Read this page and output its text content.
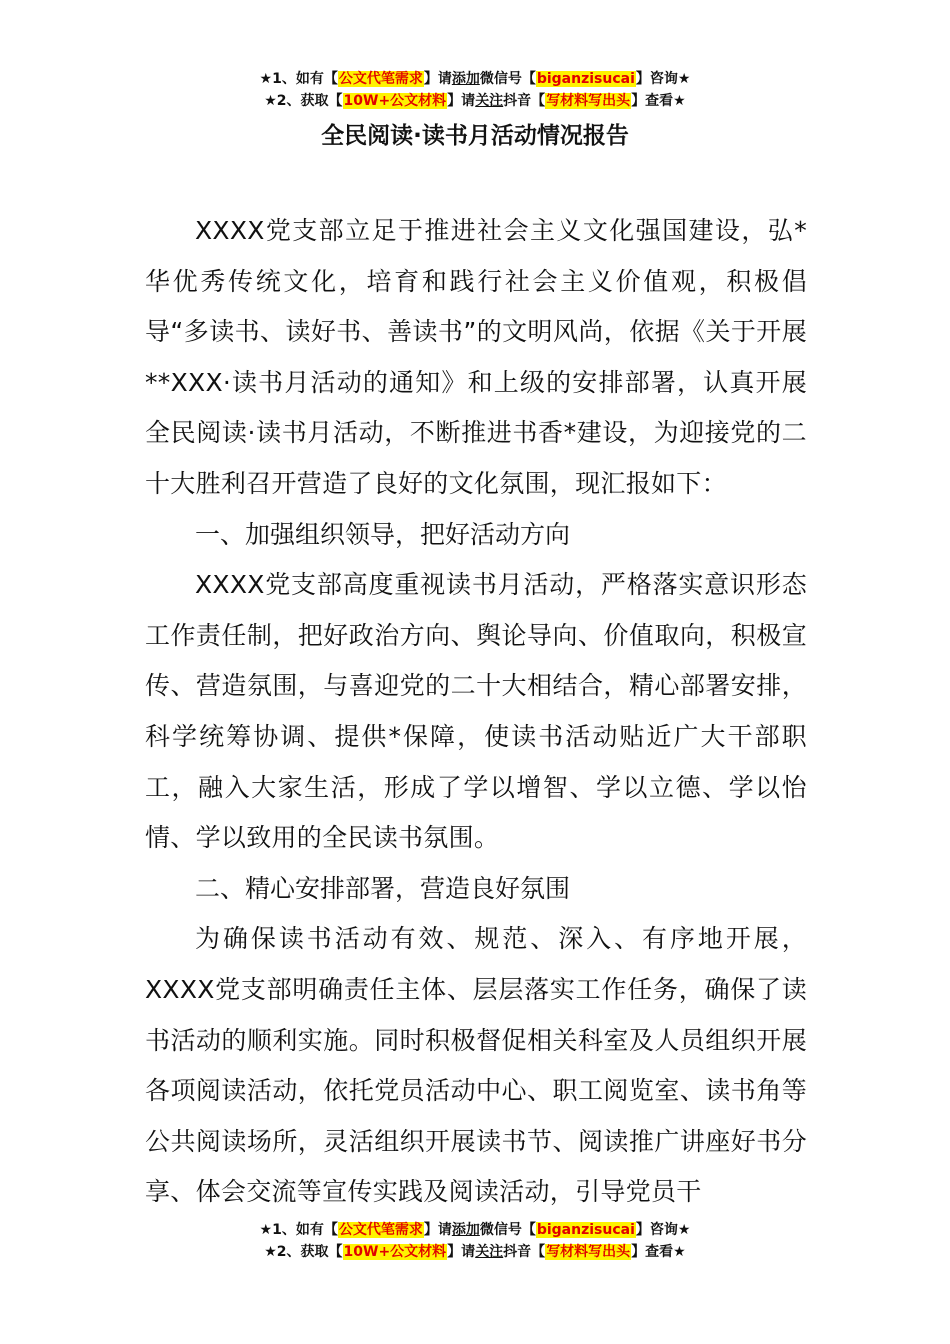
★1、如有【公文代笔需求】请添加微信号【biganzisucai】咨询★
★2、获取【10W+公文材料】请关注抖音【写材料写出头】查看★
全民阅读·读书月活动情况报告

XXXX党支部立足于推进社会主义文化强国建设，弘*华优秀传统文化，培育和践行社会主义价值观，积极倡导“多读书、读好书、善读书”的文明风尚，依据《关于开展**XXX·读书月活动的通知》和上级的安排部署，认真开展全民阅读·读书月活动，不断推进书香*建设，为迎接党的二十大胜利召开营造了良好的文化氛围，现汇报如下：

一、加强组织领导，把好活动方向

XXXX党支部高度重视读书月活动，严格落实意识形态工作责任制，把好政治方向、舆论导向、价值取向，积极宣传、营造氛围，与喜迎党的二十大相结合，精心部署安排，科学统筹协调、提供*保障，使读书活动贴近广大干部职工，融入大家生活，形成了学以增智、学以立德、学以怡情、学以致用的全民读书氛围。

二、精心安排部署，营造良好氛围

为确保读书活动有效、规范、深入、有序地开展，XXXX党支部明确责任主体、层层落实工作任务，确保了读书活动的顺利实施。同时积极督促相关科室及人员组织开展各项阅读活动，依托党员活动中心、职工阅览室、读书角等公共阅读场所，灵活组织开展读书节、阅读推广讲座好书分享、体会交流等宣传实践及阅读活动，引导党员干

★1、如有【公文代笔需求】请添加微信号【biganzisucai】咨询★
★2、获取【10W+公文材料】请关注抖音【写材料写出头】查看★
